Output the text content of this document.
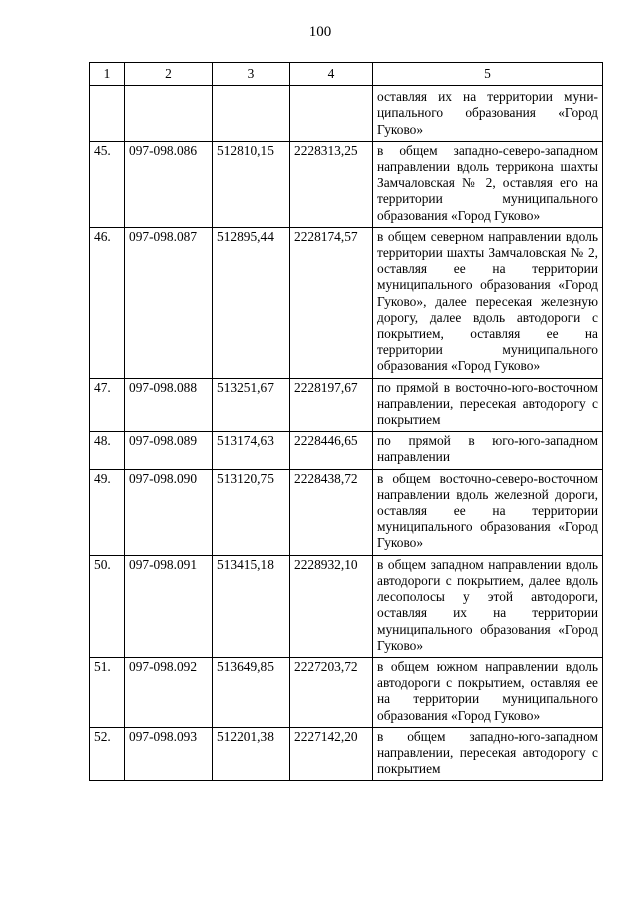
100
1	2	3	4	5
				оставляя их на территории муниципального образования «Город Гуково»
45.	097-098.086	512810,15	2228313,25	в общем западно-северо-западном направлении вдоль террикона шахты Замчаловская № 2, оставляя его на территории муниципального образования «Город Гуково»
46.	097-098.087	512895,44	2228174,57	в общем северном направлении вдоль территории шахты Замчаловская № 2, оставляя ее на территории муниципального образования «Город Гуково», далее пересекая железную дорогу, далее вдоль автодороги с покрытием, оставляя ее на территории муниципального образования «Город Гуково»
47.	097-098.088	513251,67	2228197,67	по прямой в восточно-юго-восточном направлении, пересекая автодорогу с покрытием
48.	097-098.089	513174,63	2228446,65	по прямой в юго-юго-западном направлении
49.	097-098.090	513120,75	2228438,72	в общем восточно-северо-восточном направлении вдоль железной дороги, оставляя ее на территории муниципального образования «Город Гуково»
50.	097-098.091	513415,18	2228932,10	в общем западном направлении вдоль автодороги с покрытием, далее вдоль лесополосы у этой автодороги, оставляя их на территории муниципального образования «Город Гуково»
51.	097-098.092	513649,85	2227203,72	в общем южном направлении вдоль автодороги с покрытием, оставляя ее на территории муниципального образования «Город Гуково»
52.	097-098.093	512201,38	2227142,20	в общем западно-юго-западном направлении, пересекая автодорогу с покрытием
